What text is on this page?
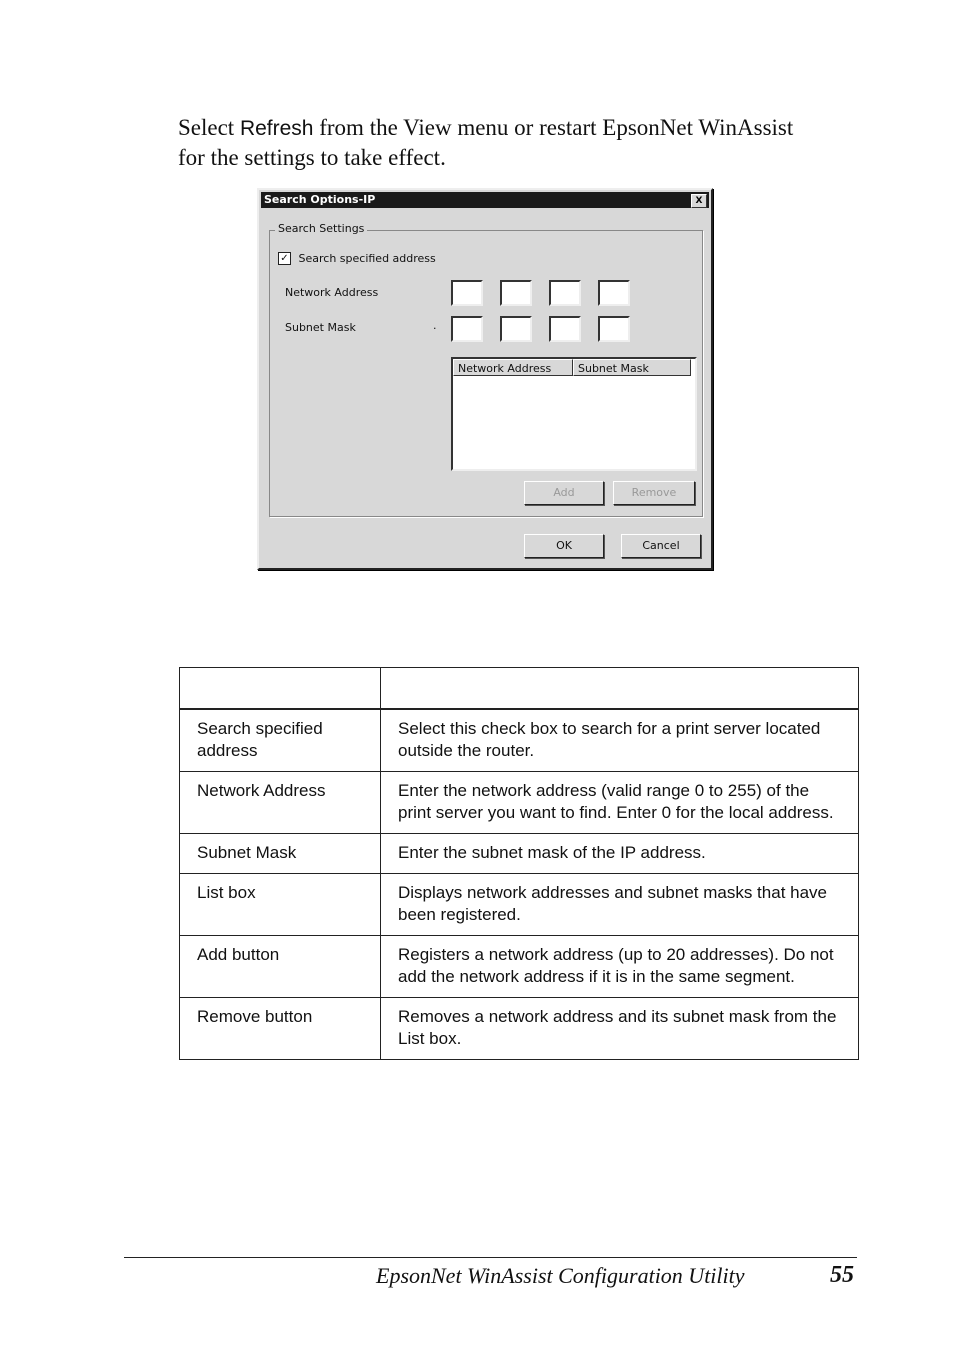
Select Refresh from the View menu or restart EpsonNet WinAssist for the settings to take effect.

Search Options-IP	X
Search Settings
✓ Search specified address
Network Address
Subnet Mask	·
Network Address	Subnet Mask
Add	Remove
OK	Cancel

Search specified address	Select this check box to search for a print server located outside the router.
Network Address	Enter the network address (valid range 0 to 255) of the print server you want to find. Enter 0 for the local address.
Subnet Mask	Enter the subnet mask of the IP address.
List box	Displays network addresses and subnet masks that have been registered.
Add button	Registers a network address (up to 20 addresses). Do not add the network address if it is in the same segment.
Remove button	Removes a network address and its subnet mask from the List box.
EpsonNet WinAssist Configuration Utility	55
